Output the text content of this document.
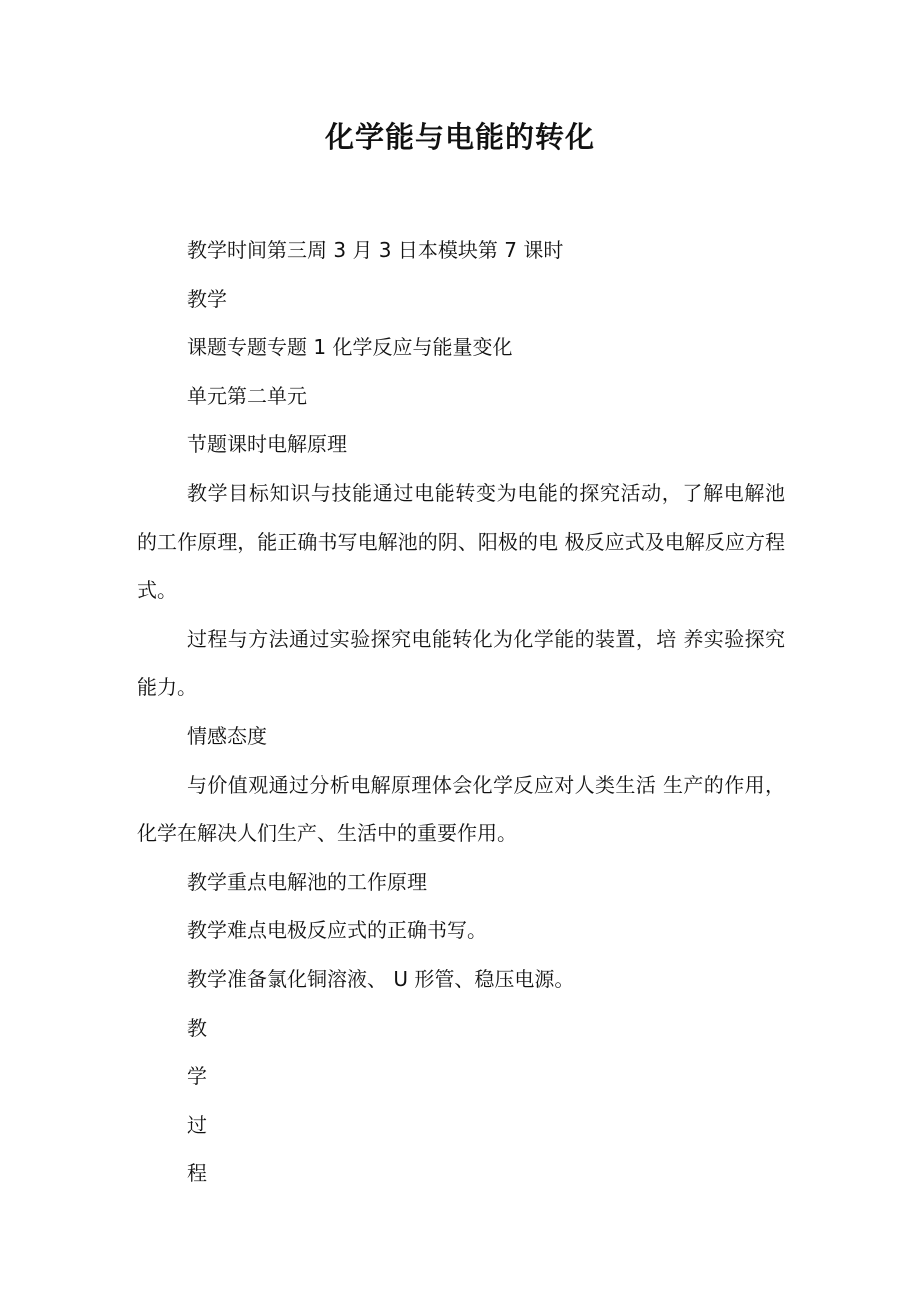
化学能与电能的转化

教学时间第三周 3 月 3 日本模块第 7 课时

教学

课题专题专题 1 化学反应与能量变化

单元第二单元

节题课时电解原理

教学目标知识与技能通过电能转变为电能的探究活动，了解电解池的工作原理，能正确书写电解池的阴、阳极的电 极反应式及电解反应方程式。

过程与方法通过实验探究电能转化为化学能的装置，培 养实验探究能力。

情感态度

与价值观通过分析电解原理体会化学反应对人类生活 生产的作用，化学在解决人们生产、生活中的重要作用。

教学重点电解池的工作原理

教学难点电极反应式的正确书写。

教学准备氯化铜溶液、 U 形管、稳压电源。

教

学

过

程
